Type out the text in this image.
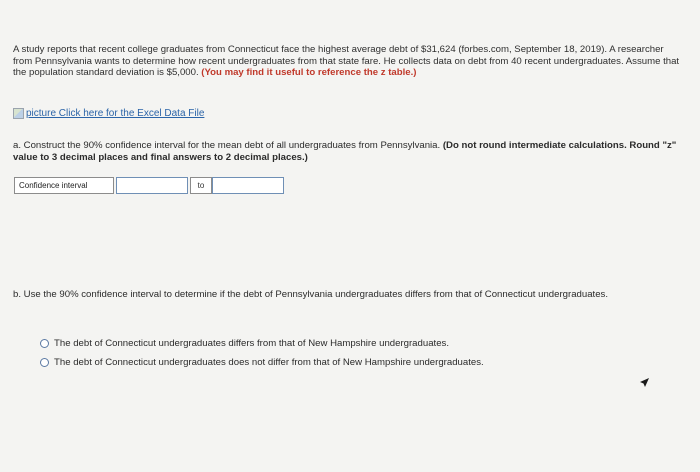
A study reports that recent college graduates from Connecticut face the highest average debt of $31,624 (forbes.com, September 18, 2019). A researcher from Pennsylvania wants to determine how recent undergraduates from that state fare. He collects data on debt from 40 recent undergraduates. Assume that the population standard deviation is $5,000. (You may find it useful to reference the z table.)
picture Click here for the Excel Data File
a. Construct the 90% confidence interval for the mean debt of all undergraduates from Pennsylvania. (Do not round intermediate calculations. Round "z" value to 3 decimal places and final answers to 2 decimal places.)
Confidence interval	to
b. Use the 90% confidence interval to determine if the debt of Pennsylvania undergraduates differs from that of Connecticut undergraduates.
The debt of Connecticut undergraduates differs from that of New Hampshire undergraduates.
The debt of Connecticut undergraduates does not differ from that of New Hampshire undergraduates.
